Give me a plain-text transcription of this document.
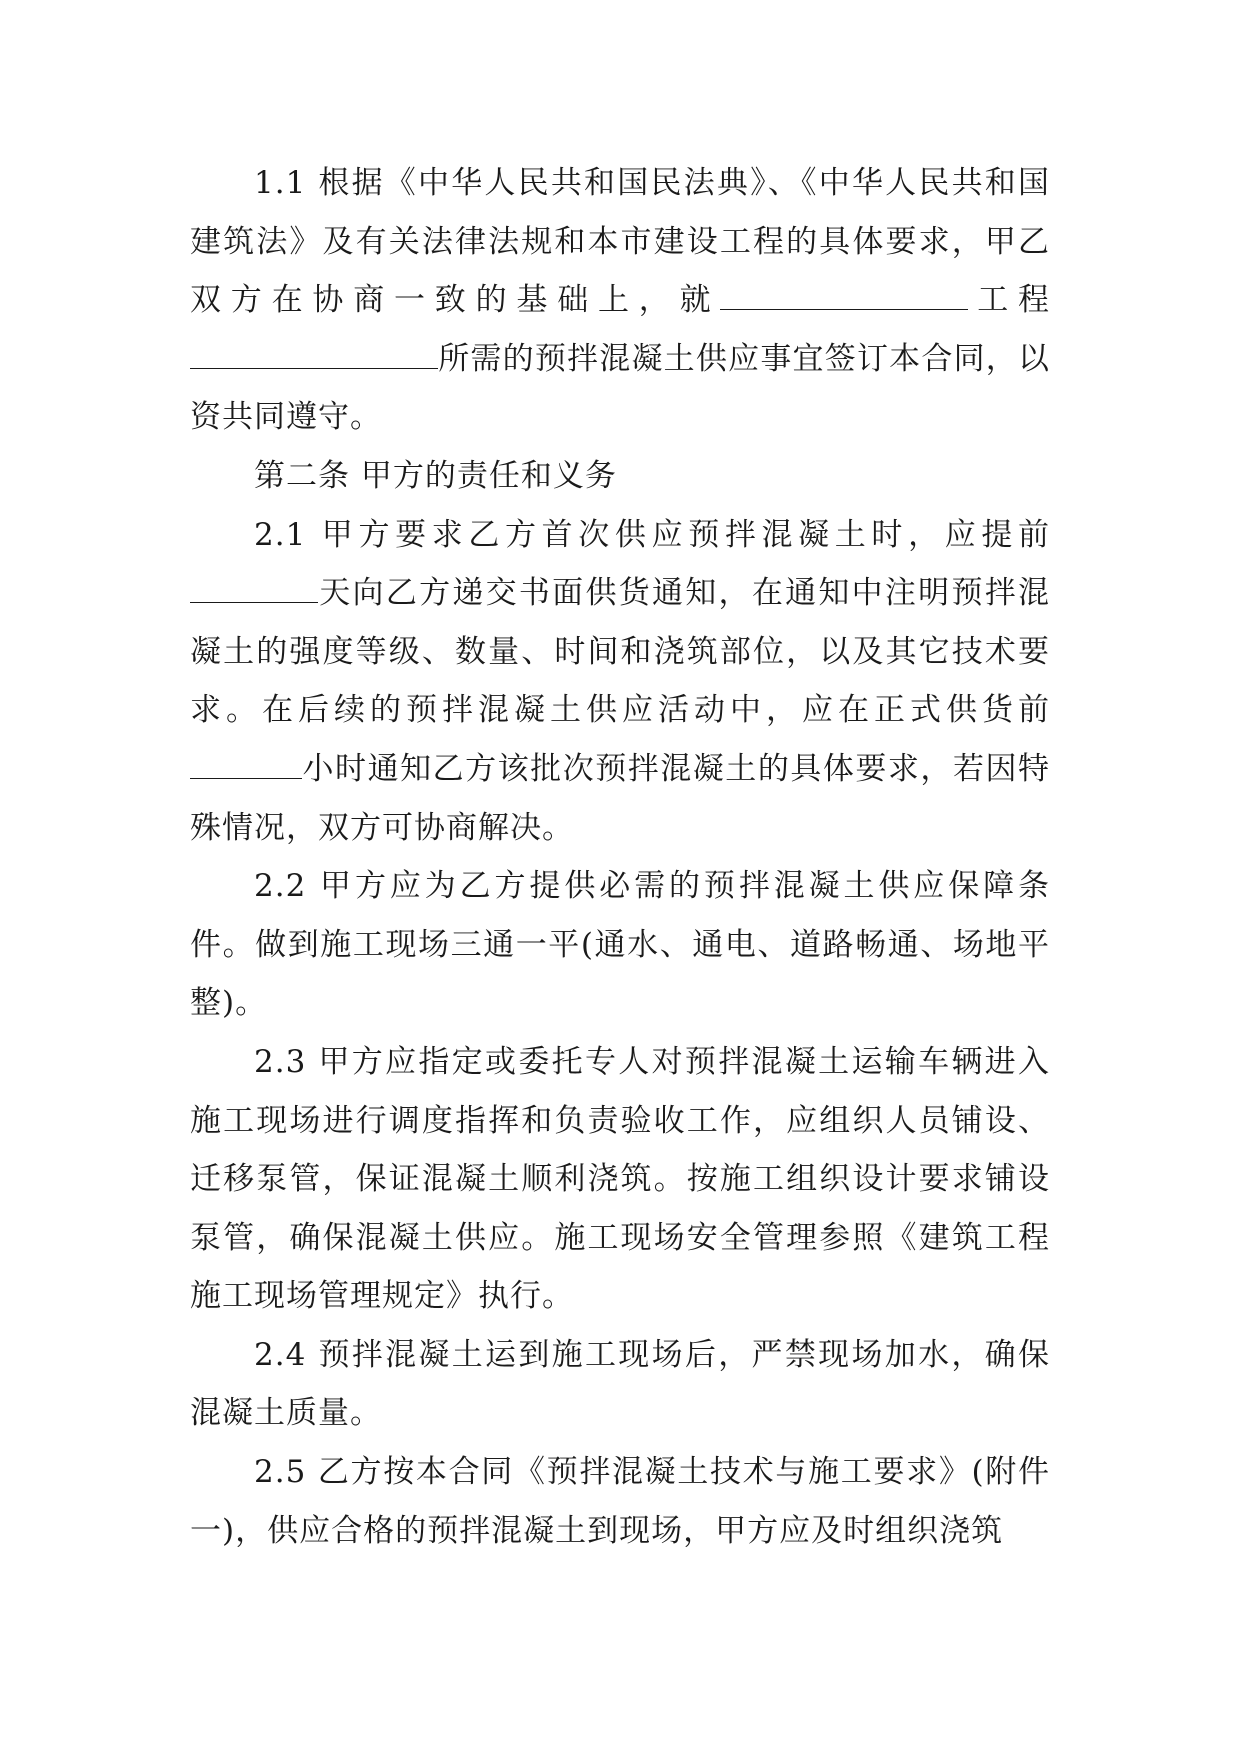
1.1 根据《中华人民共和国民法典》、《中华人民共和国建筑法》及有关法律法规和本市建设工程的具体要求，甲乙双方在协商一致的基础上，就	工程所需的预拌混凝土供应事宜签订本合同，以资共同遵守。

第二条 甲方的责任和义务

2.1 甲方要求乙方首次供应预拌混凝土时，应提前天向乙方递交书面供货通知，在通知中注明预拌混凝土的强度等级、数量、时间和浇筑部位，以及其它技术要求。在后续的预拌混凝土供应活动中，应在正式供货前小时通知乙方该批次预拌混凝土的具体要求，若因特殊情况，双方可协商解决。

2.2 甲方应为乙方提供必需的预拌混凝土供应保障条件。做到施工现场三通一平(通水、通电、道路畅通、场地平整)。

2.3 甲方应指定或委托专人对预拌混凝土运输车辆进入施工现场进行调度指挥和负责验收工作，应组织人员铺设、迁移泵管，保证混凝土顺利浇筑。按施工组织设计要求铺设泵管，确保混凝土供应。施工现场安全管理参照《建筑工程施工现场管理规定》执行。

2.4 预拌混凝土运到施工现场后，严禁现场加水，确保混凝土质量。

2.5 乙方按本合同《预拌混凝土技术与施工要求》(附件一)，供应合格的预拌混凝土到现场，甲方应及时组织浇筑
